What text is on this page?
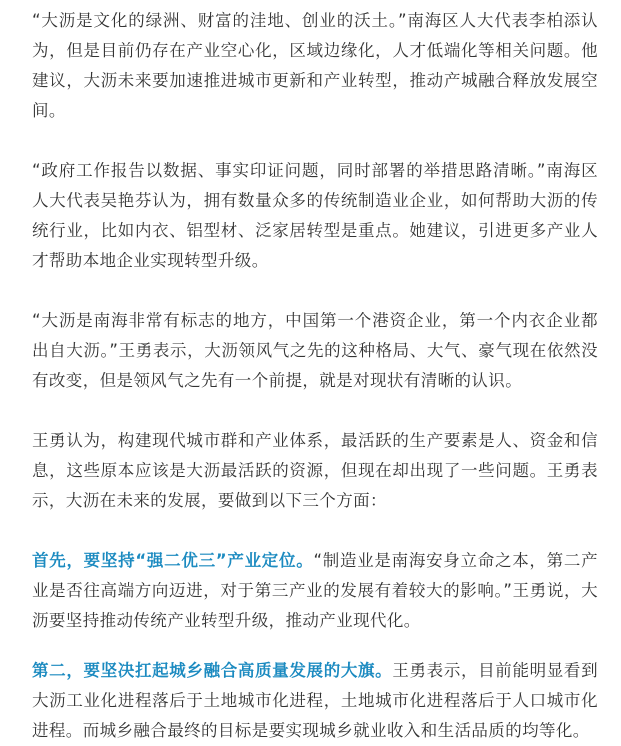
“大沥是文化的绿洲、财富的洼地、创业的沃土。”南海区人大代表李柏添认为，但是目前仍存在产业空心化，区域边缘化，人才低端化等相关问题。他建议，大沥未来要加速推进城市更新和产业转型，推动产城融合释放发展空间。

“政府工作报告以数据、事实印证问题，同时部署的举措思路清晰。”南海区人大代表吴艳芬认为，拥有数量众多的传统制造业企业，如何帮助大沥的传统行业，比如内衣、铝型材、泛家居转型是重点。她建议，引进更多产业人才帮助本地企业实现转型升级。

“大沥是南海非常有标志的地方，中国第一个港资企业，第一个内衣企业都出自大沥。”王勇表示，大沥领风气之先的这种格局、大气、豪气现在依然没有改变，但是领风气之先有一个前提，就是对现状有清晰的认识。

王勇认为，构建现代城市群和产业体系，最活跃的生产要素是人、资金和信息，这些原本应该是大沥最活跃的资源，但现在却出现了一些问题。王勇表示，大沥在未来的发展，要做到以下三个方面：

首先，要坚持“强二优三”产业定位。“制造业是南海安身立命之本，第二产业是否往高端方向迈进，对于第三产业的发展有着较大的影响。”王勇说，大沥要坚持推动传统产业转型升级，推动产业现代化。

第二，要坚决扛起城乡融合高质量发展的大旗。王勇表示，目前能明显看到大沥工业化进程落后于土地城市化进程，土地城市化进程落后于人口城市化进程。而城乡融合最终的目标是要实现城乡就业收入和生活品质的均等化。
